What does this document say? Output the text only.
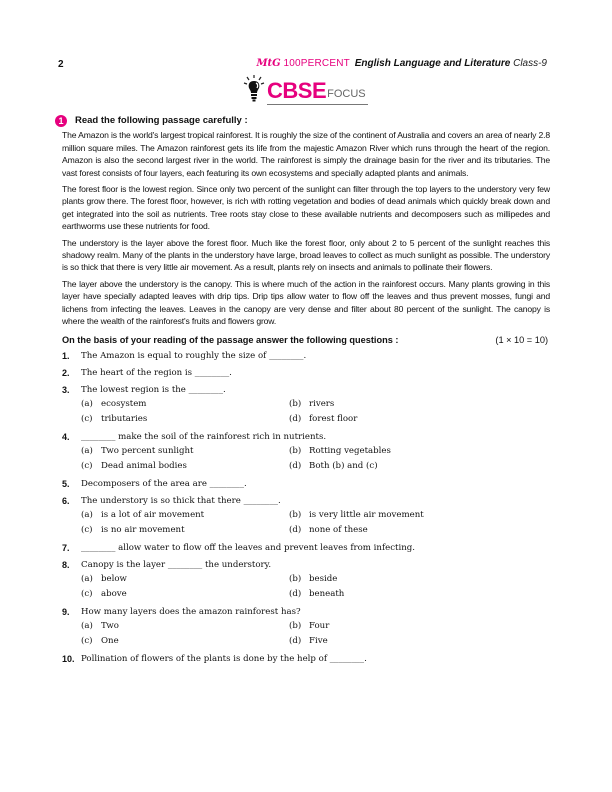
2	MtG 100PERCENT English Language and Literature Class-9
CBSE FOCUS
1	Read the following passage carefully :

The Amazon is the world's largest tropical rainforest. It is roughly the size of the continent of Australia and covers an area of nearly 2.8 million square miles. The Amazon rainforest gets its life from the majestic Amazon River which runs through the heart of the region. Amazon is also the second largest river in the world. The rainforest is simply the drainage basin for the river and its tributaries. The vast forest consists of four layers, each featuring its own ecosystems and specially adapted plants and animals.

The forest floor is the lowest region. Since only two percent of the sunlight can filter through the top layers to the understory very few plants grow there. The forest floor, however, is rich with rotting vegetation and bodies of dead animals which quickly break down and get integrated into the soil as nutrients. Tree roots stay close to these available nutrients and decomposers such as millipedes and earthworms use these nutrients for food.

The understory is the layer above the forest floor. Much like the forest floor, only about 2 to 5 percent of the sunlight reaches this shadowy realm. Many of the plants in the understory have large, broad leaves to collect as much sunlight as possible. The understory is so thick that there is very little air movement. As a result, plants rely on insects and animals to pollinate their flowers.

The layer above the understory is the canopy. This is where much of the action in the rainforest occurs. Many plants growing in this layer have specially adapted leaves with drip tips. Drip tips allow water to flow off the leaves and thus prevent mosses, fungi and lichens from infecting the leaves. Leaves in the canopy are very dense and filter about 80 percent of the sunlight. The canopy is where the wealth of the rainforest's fruits and flowers grow.

On the basis of your reading of the passage answer the following questions :	(1 × 10 = 10)
1.	The Amazon is equal to roughly the size of ________.
2.	The heart of the region is ________.
3.	The lowest region is the ________.
(a) ecosystem	(b) rivers
(c) tributaries	(d) forest floor
4.	________ make the soil of the rainforest rich in nutrients.
(a) Two percent sunlight	(b) Rotting vegetables
(c) Dead animal bodies	(d) Both (b) and (c)
5.	Decomposers of the area are ________.
6.	The understory is so thick that there ________.
(a) is a lot of air movement	(b) is very little air movement
(c) is no air movement	(d) none of these
7.	________ allow water to flow off the leaves and prevent leaves from infecting.
8.	Canopy is the layer ________ the understory.
(a) below	(b) beside
(c) above	(d) beneath
9.	How many layers does the amazon rainforest has?
(a) Two	(b) Four
(c) One	(d) Five
10. Pollination of flowers of the plants is done by the help of ________.
